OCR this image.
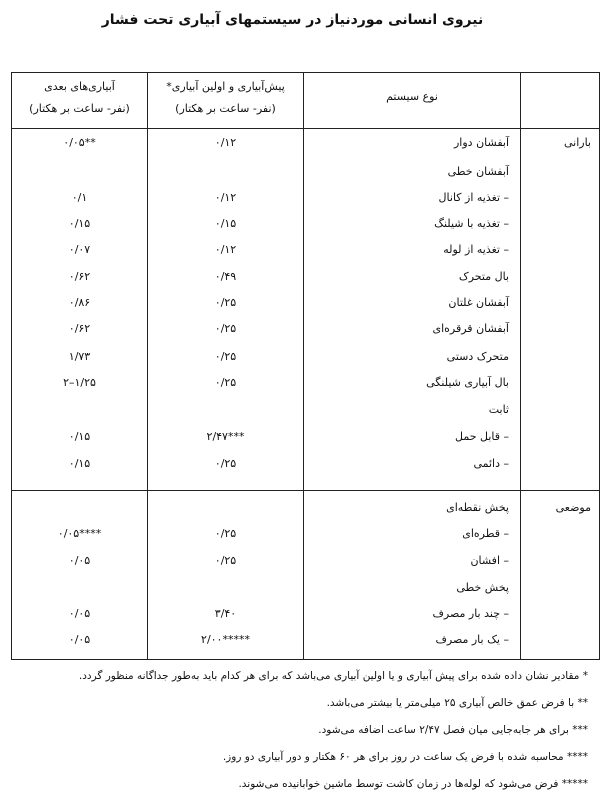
نیروی انسانی موردنیاز در سیستمهای آبیاری تحت فشار
نوع سیستم
پیش‌آبیاری و اولین آبیاری*
(نفر- ساعت بر هکتار)
آبیاری‌های بعدی
(نفر- ساعت بر هکتار)
بارانی
موضعی
آبفشان دوار
۰/۱۲
**۰/۰۵
آبفشان خطی
– تغذیه از کانال
۰/۱۲
۰/۱
– تغذیه با شیلنگ
۰/۱۵
۰/۱۵
– تغذیه از لوله
۰/۱۲
۰/۰۷
بال متحرک
۰/۴۹
۰/۶۲
آبفشان غلتان
۰/۲۵
۰/۸۶
آبفشان قرقره‌ای
۰/۲۵
۰/۶۲
متحرک دستی
۰/۲۵
۱/۷۳
بال آبیاری شیلنگی
۰/۲۵
۱/۲۵–۲
ثابت
– قابل حمل
***۲/۴۷
۰/۱۵
– دائمی
۰/۲۵
۰/۱۵
پخش نقطه‌ای
– قطره‌ای
۰/۲۵
****۰/۰۵
– افشان
۰/۲۵
۰/۰۵
پخش خطی
– چند بار مصرف
۳/۴۰
۰/۰۵
– یک بار مصرف
*****۲/۰۰
۰/۰۵
* مقادیر نشان داده شده برای پیش آبیاری و یا اولین آبیاری می‌باشد که برای هر کدام باید به‌طور جداگانه منظور گردد.
** با فرض عمق خالص آبیاری ۲۵ میلی‌متر یا بیشتر می‌باشد.
*** برای هر جابه‌جایی میان فصل ۲/۴۷ ساعت اضافه می‌شود.
**** محاسبه شده با فرض یک ساعت در روز برای هر ۶۰ هکتار و دور آبیاری دو روز.
***** فرض می‌شود که لوله‌ها در زمان کاشت توسط ماشین خوابانیده می‌شوند.
